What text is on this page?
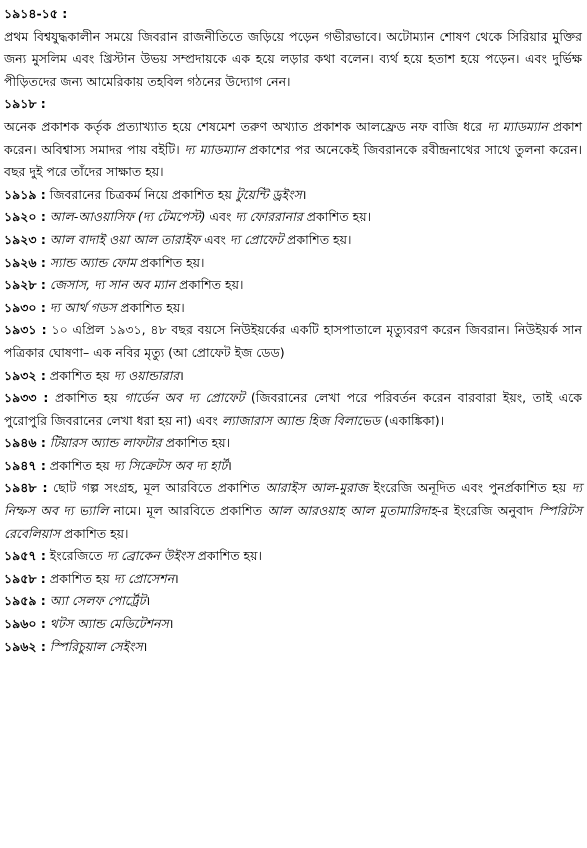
১৯১৪-১৫ :

প্রথম বিশ্বযুদ্ধকালীন সময়ে জিবরান রাজনীতিতে জড়িয়ে পড়েন গভীরভাবে। অটোম্যান শোষণ থেকে সিরিয়ার মুক্তির জন্য মুসলিম এবং খ্রিস্টান উভয় সম্প্রদায়কে এক হয়ে লড়ার কথা বলেন। ব্যর্থ হয়ে হতাশ হয়ে পড়েন। এবং দুর্ভিক্ষ পীড়িতদের জন্য আমেরিকায় তহবিল গঠনের উদ্যোগ নেন।

১৯১৮ :

অনেক প্রকাশক কর্তৃক প্রত্যাখ্যাত হয়ে শেষমেশ তরুণ অখ্যাত প্রকাশক আলফ্রেড নফ বাজি ধরে দ্য ম্যাডম্যান প্রকাশ করেন। অবিশ্বাস্য সমাদর পায় বইটি। দ্য ম্যাডম্যান প্রকাশের পর অনেকেই জিবরানকে রবীন্দ্রনাথের সাথে তুলনা করেন। বছর দুই পরে তাঁদের সাক্ষাত হয়।

১৯১৯ : জিবরানের চিত্রকর্ম নিয়ে প্রকাশিত হয় টুয়েন্টি ড্রইংস।

১৯২০ : আল-আওয়াসিফ (দ্য টেমপেস্ট) এবং দ্য ফোররানার প্রকাশিত হয়।

১৯২৩ : আল বাদাই ওয়া আল তারাইফ এবং দ্য প্রোফেট প্রকাশিত হয়।

১৯২৬ : স্যান্ড অ্যান্ড ফোম প্রকাশিত হয়।

১৯২৮ : জেসাস, দ্য সান অব ম্যান প্রকাশিত হয়।

১৯৩০ : দ্য আর্থ গডস প্রকাশিত হয়।

১৯৩১ : ১০ এপ্রিল ১৯৩১, ৪৮ বছর বয়সে নিউইয়র্কের একটি হাসপাতালে মৃত্যুবরণ করেন জিবরান। নিউইয়র্ক সান পত্রিকার ঘোষণা– এক নবির মৃত্যু (আ প্রোফেট ইজ ডেড)

১৯৩২ : প্রকাশিত হয় দ্য ওয়ান্ডারার।

১৯৩৩ : প্রকাশিত হয় গার্ডেন অব দ্য প্রোফেট (জিবরানের লেখা পরে পরিবর্তন করেন বারবারা ইয়ং, তাই একে পুরোপুরি জিবরানের লেখা ধরা হয় না) এবং ল্যাজারাস অ্যান্ড হিজ বিলাভেড (একাঙ্কিকা)।

১৯৪৬ : টিয়ারস অ্যান্ড লাফটার প্রকাশিত হয়।

১৯৪৭ : প্রকাশিত হয় দ্য সিক্রেটস অব দ্য হার্ট।

১৯৪৮ : ছোট গল্প সংগ্রহ, মূল আরবিতে প্রকাশিত আরাইস আল-মুরাজ ইংরেজি অনূদিত এবং পুনর্প্রকাশিত হয় দ্য নিম্ফস অব দ্য ভ্যালি নামে। মূল আরবিতে প্রকাশিত আল আরওয়াহ আল মুতামারিদাহ-র ইংরেজি অনুবাদ স্পিরিটস রেবেলিয়াস প্রকাশিত হয়।

১৯৫৭ : ইংরেজিতে দ্য ব্রোকেন উইংস প্রকাশিত হয়।

১৯৫৮ : প্রকাশিত হয় দ্য প্রোসেশন।

১৯৫৯ : অ্যা সেলফ পোর্ট্রেট।

১৯৬০ : থটস অ্যান্ড মেডিটেশনস।

১৯৬২ : স্পিরিচুয়াল সেইংস।
